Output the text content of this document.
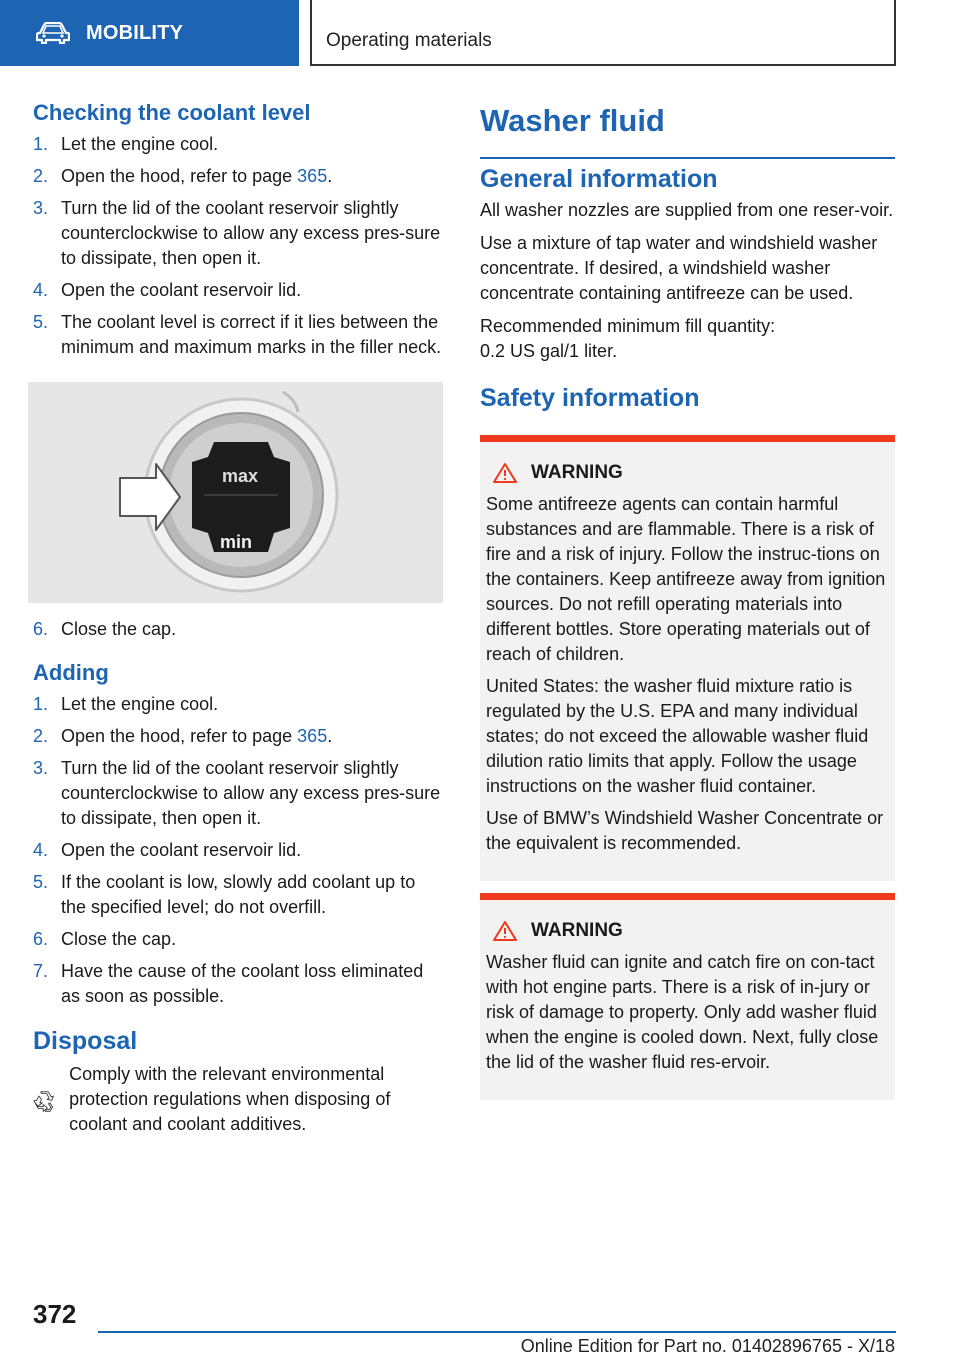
MOBILITY	Operating materials
Checking the coolant level
1. Let the engine cool.
2. Open the hood, refer to page 365.
3. Turn the lid of the coolant reservoir slightly counterclockwise to allow any excess pres‐sure to dissipate, then open it.
4. Open the coolant reservoir lid.
5. The coolant level is correct if it lies between the minimum and maximum marks in the filler neck.
max
min
6. Close the cap.
Adding
1. Let the engine cool.
2. Open the hood, refer to page 365.
3. Turn the lid of the coolant reservoir slightly counterclockwise to allow any excess pres‐sure to dissipate, then open it.
4. Open the coolant reservoir lid.
5. If the coolant is low, slowly add coolant up to the specified level; do not overfill.
6. Close the cap.
7. Have the cause of the coolant loss eliminated as soon as possible.
Disposal

Comply with the relevant environmental protection regulations when disposing of coolant and coolant additives.

Washer fluid
General information

All washer nozzles are supplied from one reser‐voir.

Use a mixture of tap water and windshield washer concentrate. If desired, a windshield washer concentrate containing antifreeze can be used.

Recommended minimum fill quantity:
0.2 US gal/1 liter.

Safety information
WARNING

Some antifreeze agents can contain harmful substances and are flammable. There is a risk of fire and a risk of injury. Follow the instruc‐tions on the containers. Keep antifreeze away from ignition sources. Do not refill operating materials into different bottles. Store operating materials out of reach of children.

United States: the washer fluid mixture ratio is regulated by the U.S. EPA and many individual states; do not exceed the allowable washer fluid dilution ratio limits that apply. Follow the usage instructions on the washer fluid container.

Use of BMW’s Windshield Washer Concentrate or the equivalent is recommended.

WARNING

Washer fluid can ignite and catch fire on con‐tact with hot engine parts. There is a risk of in‐jury or risk of damage to property. Only add washer fluid when the engine is cooled down. Next, fully close the lid of the washer fluid res‐ervoir.

372
Online Edition for Part no. 01402896765 - X/18
